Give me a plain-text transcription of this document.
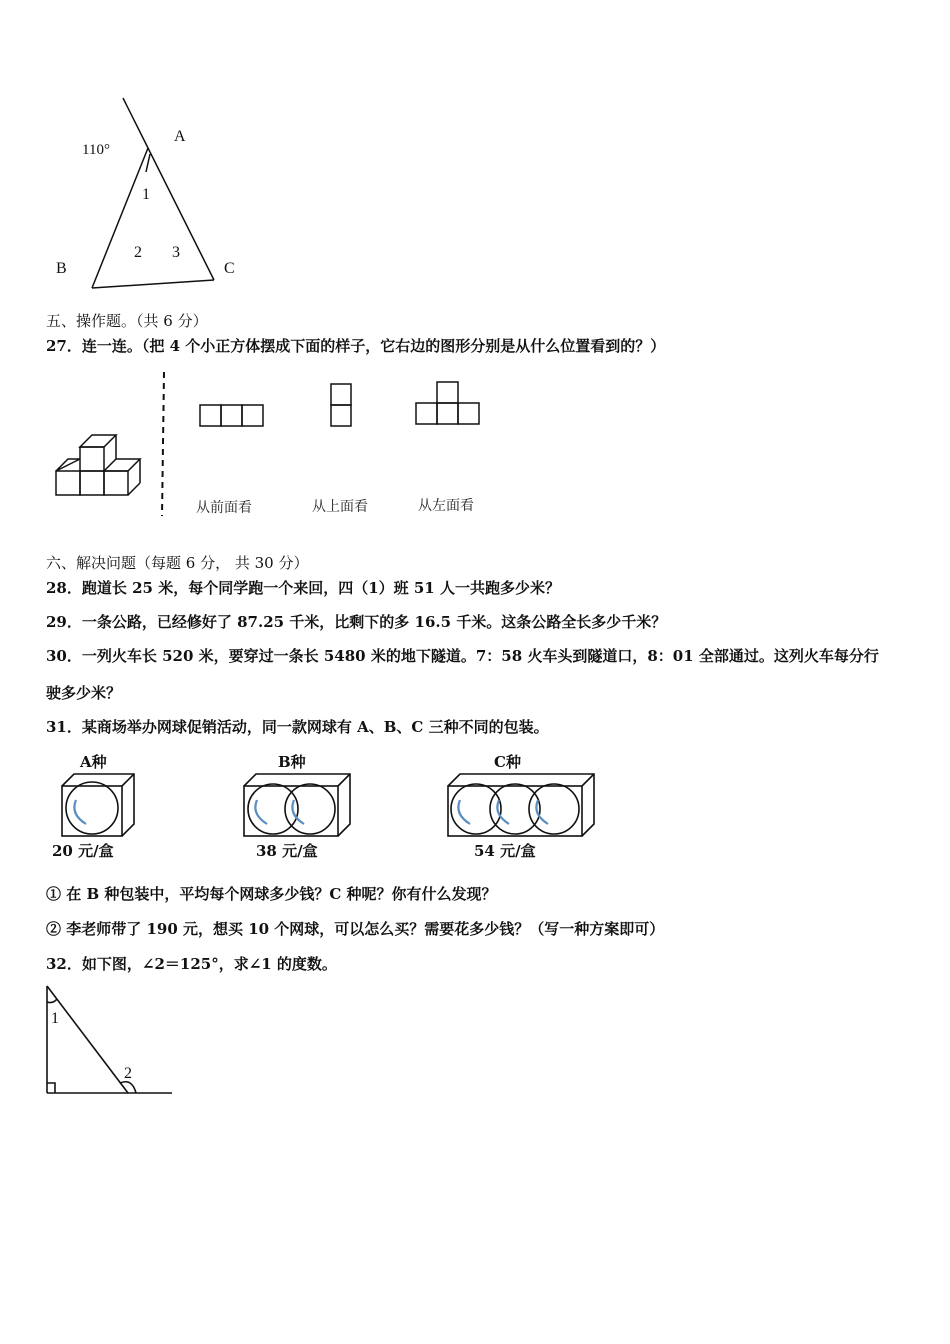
110°
A
B	C
1
2 3
五、操作题。（共 6 分）
27．连一连。（把 4 个小正方体摆成下面的样子，它右边的图形分别是从什么位置看到的？）
从前面看	从上面看	从左面看
六、解决问题（每题 6 分， 共 30 分）
28．跑道长 25 米，每个同学跑一个来回，四（1）班 51 人一共跑多少米？
29．一条公路，已经修好了 87.25 千米，比剩下的多 16.5 千米。这条公路全长多少千米？
30．一列火车长 520 米，要穿过一条长 5480 米的地下隧道。7：58 火车头到隧道口，8：01 全部通过。这列火车每分行
驶多少米？
31．某商场举办网球促销活动，同一款网球有 A、B、C 三种不同的包装。
A种	B种	C种
20 元/盒	38 元/盒	54 元/盒
① 在 B 种包装中，平均每个网球多少钱？C 种呢？你有什么发现？
② 李老师带了 190 元，想买 10 个网球，可以怎么买？需要花多少钱？（写一种方案即可）
32．如下图，∠2＝125°，求∠1 的度数。
1
2
